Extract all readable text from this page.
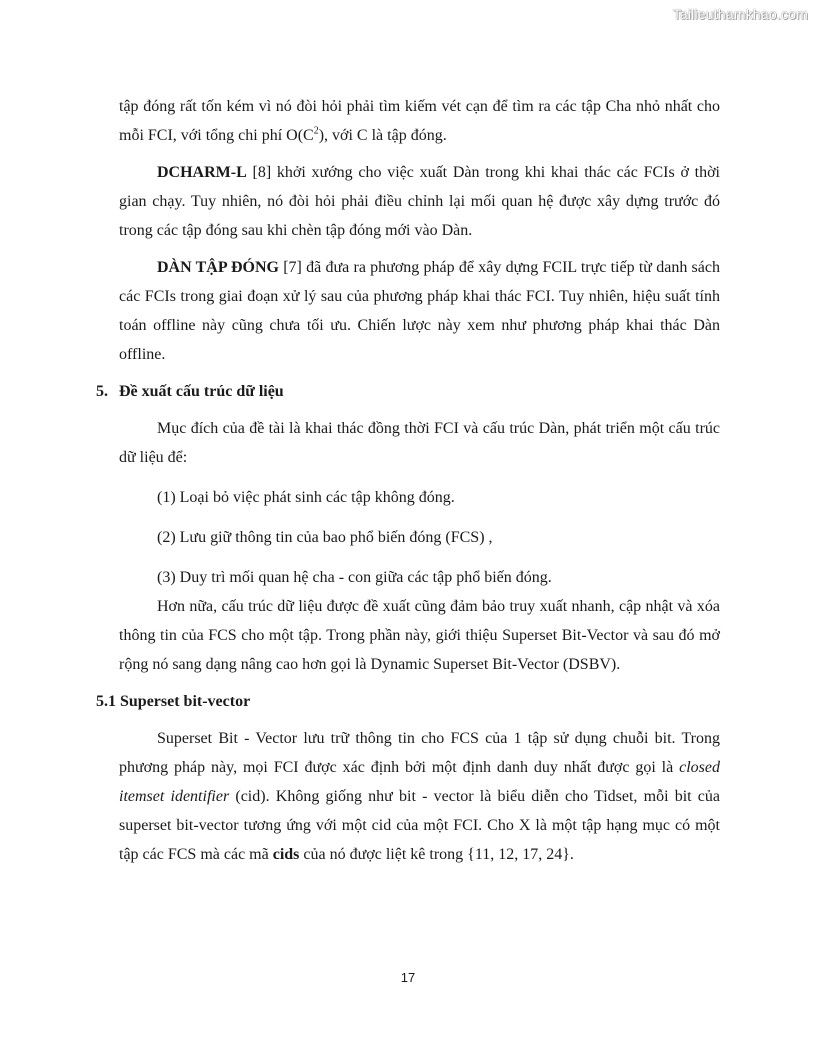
Tailieuthamkhao.com

tập đóng rất tốn kém vì nó đòi hỏi phải tìm kiếm vét cạn để tìm ra các tập Cha nhỏ nhất cho mỗi FCI, với tổng chi phí $O(C^2)$, với C là tập đóng.

DCHARM-L [8] khởi xướng cho việc xuất Dàn trong khi khai thác các FCIs ở thời gian chạy. Tuy nhiên, nó đòi hỏi phải điều chỉnh lại mối quan hệ được xây dựng trước đó trong các tập đóng sau khi chèn tập đóng mới vào Dàn.

DÀN TẬP ĐÓNG [7] đã đưa ra phương pháp để xây dựng FCIL trực tiếp từ danh sách các FCIs trong giai đoạn xử lý sau của phương pháp khai thác FCI. Tuy nhiên, hiệu suất tính toán offline này cũng chưa tối ưu. Chiến lược này xem như phương pháp khai thác Dàn offline.

5. Đề xuất cấu trúc dữ liệu

Mục đích của đề tài là khai thác đồng thời FCI và cấu trúc Dàn, phát triển một cấu trúc dữ liệu để:

(1) Loại bỏ việc phát sinh các tập không đóng.

(2) Lưu giữ thông tin của bao phổ biến đóng (FCS) ,

(3) Duy trì mối quan hệ cha - con giữa các tập phổ biến đóng.

Hơn nữa, cấu trúc dữ liệu được đề xuất cũng đảm bảo truy xuất nhanh, cập nhật và xóa thông tin của FCS cho một tập. Trong phần này, giới thiệu Superset Bit-Vector và sau đó mở rộng nó sang dạng nâng cao hơn gọi là Dynamic Superset Bit-Vector (DSBV).

5.1 Superset bit-vector

Superset Bit - Vector lưu trữ thông tin cho FCS của 1 tập sử dụng chuỗi bit. Trong phương pháp này, mọi FCI được xác định bởi một định danh duy nhất được gọi là closed itemset identifier (cid). Không giống như bit - vector là biểu diễn cho Tidset, mỗi bit của superset bit-vector tương ứng với một cid của một FCI. Cho X là một tập hạng mục có một tập các FCS mà các mã cids của nó được liệt kê trong {11, 12, 17, 24}.

17
